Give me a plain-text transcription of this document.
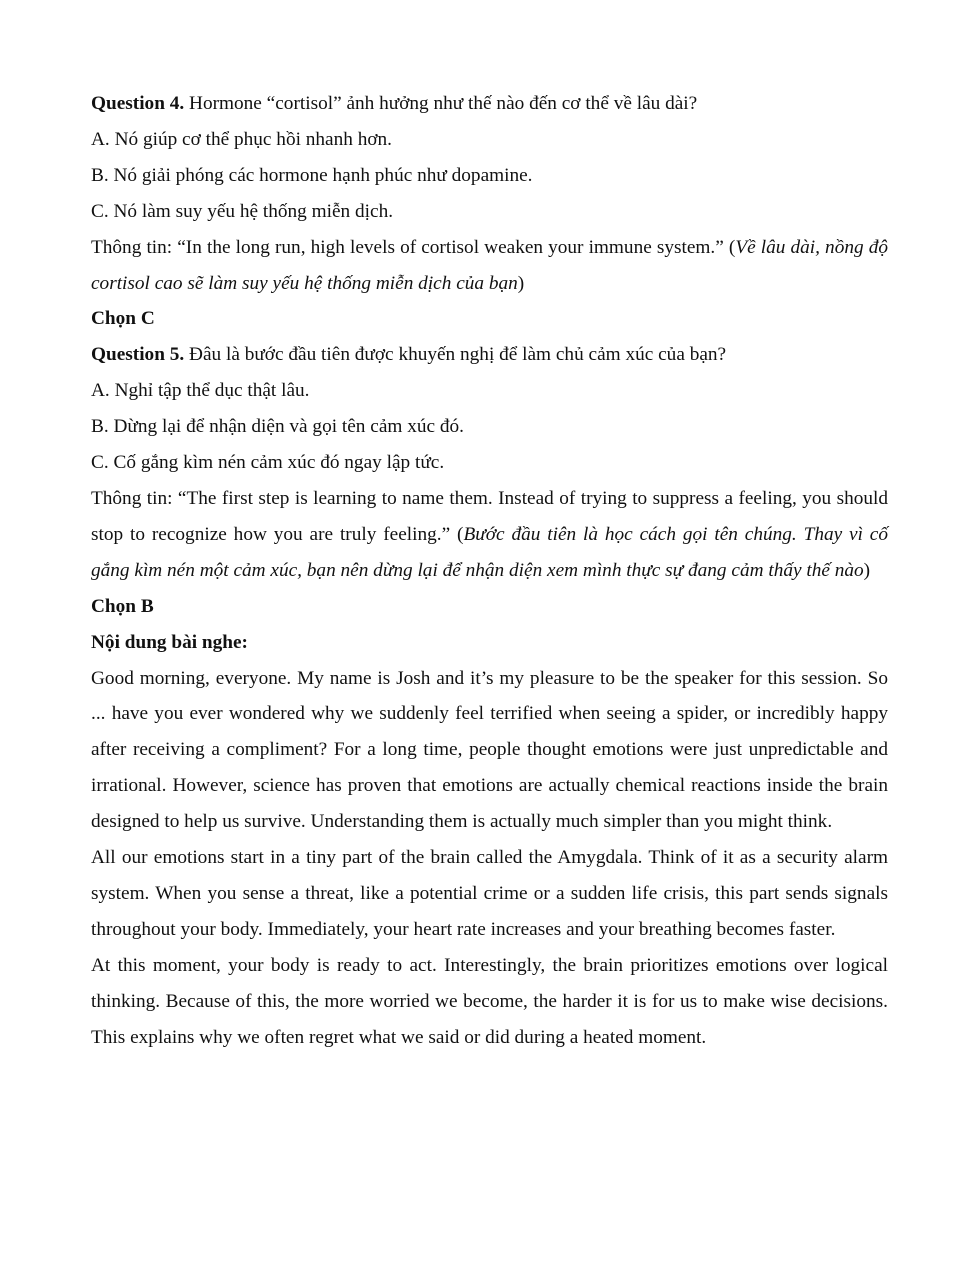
Question 4. Hormone “cortisol” ảnh hưởng như thế nào đến cơ thể về lâu dài?

A. Nó giúp cơ thể phục hồi nhanh hơn.

B. Nó giải phóng các hormone hạnh phúc như dopamine.

C. Nó làm suy yếu hệ thống miễn dịch.

Thông tin: “In the long run, high levels of cortisol weaken your immune system.” (Về lâu dài, nồng độ cortisol cao sẽ làm suy yếu hệ thống miễn dịch của bạn)

Chọn C

Question 5. Đâu là bước đầu tiên được khuyến nghị để làm chủ cảm xúc của bạn?

A. Nghỉ tập thể dục thật lâu.

B. Dừng lại để nhận diện và gọi tên cảm xúc đó.

C. Cố gắng kìm nén cảm xúc đó ngay lập tức.

Thông tin: “The first step is learning to name them. Instead of trying to suppress a feeling, you should stop to recognize how you are truly feeling.” (Bước đầu tiên là học cách gọi tên chúng. Thay vì cố gắng kìm nén một cảm xúc, bạn nên dừng lại để nhận diện xem mình thực sự đang cảm thấy thế nào)

Chọn B

Nội dung bài nghe:

Good morning, everyone. My name is Josh and it’s my pleasure to be the speaker for this session. So ... have you ever wondered why we suddenly feel terrified when seeing a spider, or incredibly happy after receiving a compliment? For a long time, people thought emotions were just unpredictable and irrational. However, science has proven that emotions are actually chemical reactions inside the brain designed to help us survive. Understanding them is actually much simpler than you might think.

All our emotions start in a tiny part of the brain called the Amygdala. Think of it as a security alarm system. When you sense a threat, like a potential crime or a sudden life crisis, this part sends signals throughout your body. Immediately, your heart rate increases and your breathing becomes faster.

At this moment, your body is ready to act. Interestingly, the brain prioritizes emotions over logical thinking. Because of this, the more worried we become, the harder it is for us to make wise decisions. This explains why we often regret what we said or did during a heated moment.
